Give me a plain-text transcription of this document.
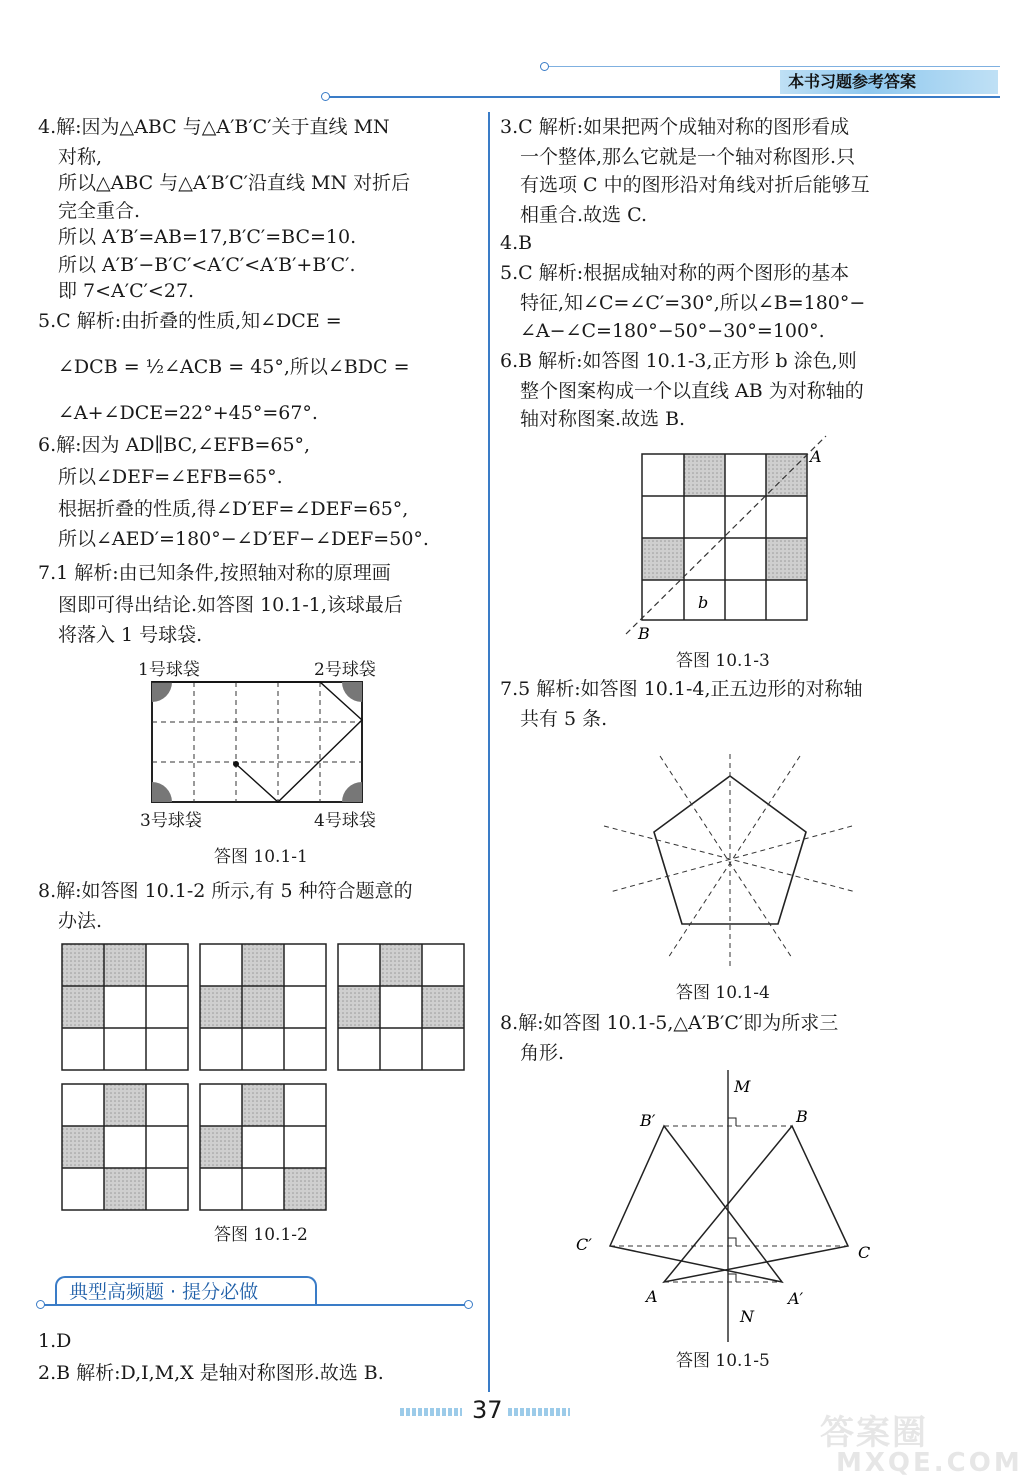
本书习题参考答案
4.解:因为△ABC 与△A′B′C′关于直线 MN
对称,
所以△ABC 与△A′B′C′沿直线 MN 对折后
完全重合.
所以 A′B′=AB=17,B′C′=BC=10.
所以 A′B′−B′C′<A′C′<A′B′+B′C′.
即 7<A′C′<27.
5.C 解析:由折叠的性质,知∠DCE =
∠DCB = ½∠ACB = 45°,所以∠BDC =
∠A+∠DCE=22°+45°=67°.
6.解:因为 AD∥BC,∠EFB=65°,
所以∠DEF=∠EFB=65°.
根据折叠的性质,得∠D′EF=∠DEF=65°,
所以∠AED′=180°−∠D′EF−∠DEF=50°.
7.1 解析:由已知条件,按照轴对称的原理画
图即可得出结论.如答图 10.1-1,该球最后
将落入 1 号球袋.
1号球袋	2号球袋
3号球袋	4号球袋
答图 10.1-1
8.解:如答图 10.1-2 所示,有 5 种符合题意的
办法.
答图 10.1-2
典型高频题 · 提分必做
1.D
2.B 解析:D,I,M,X 是轴对称图形.故选 B.
3.C 解析:如果把两个成轴对称的图形看成
一个整体,那么它就是一个轴对称图形.只
有选项 C 中的图形沿对角线对折后能够互
相重合.故选 C.
4.B
5.C 解析:根据成轴对称的两个图形的基本
特征,知∠C=∠C′=30°,所以∠B=180°−
∠A−∠C=180°−50°−30°=100°.
6.B 解析:如答图 10.1-3,正方形 b 涂色,则
整个图案构成一个以直线 AB 为对称轴的
轴对称图案.故选 B.
A
B
b
答图 10.1-3
7.5 解析:如答图 10.1-4,正五边形的对称轴
共有 5 条.
答图 10.1-4
8.解:如答图 10.1-5,△A′B′C′即为所求三
角形.
M
N
B′	B
C′	C
A	A′
答图 10.1-5
37
答案圈
MXQE.COM
